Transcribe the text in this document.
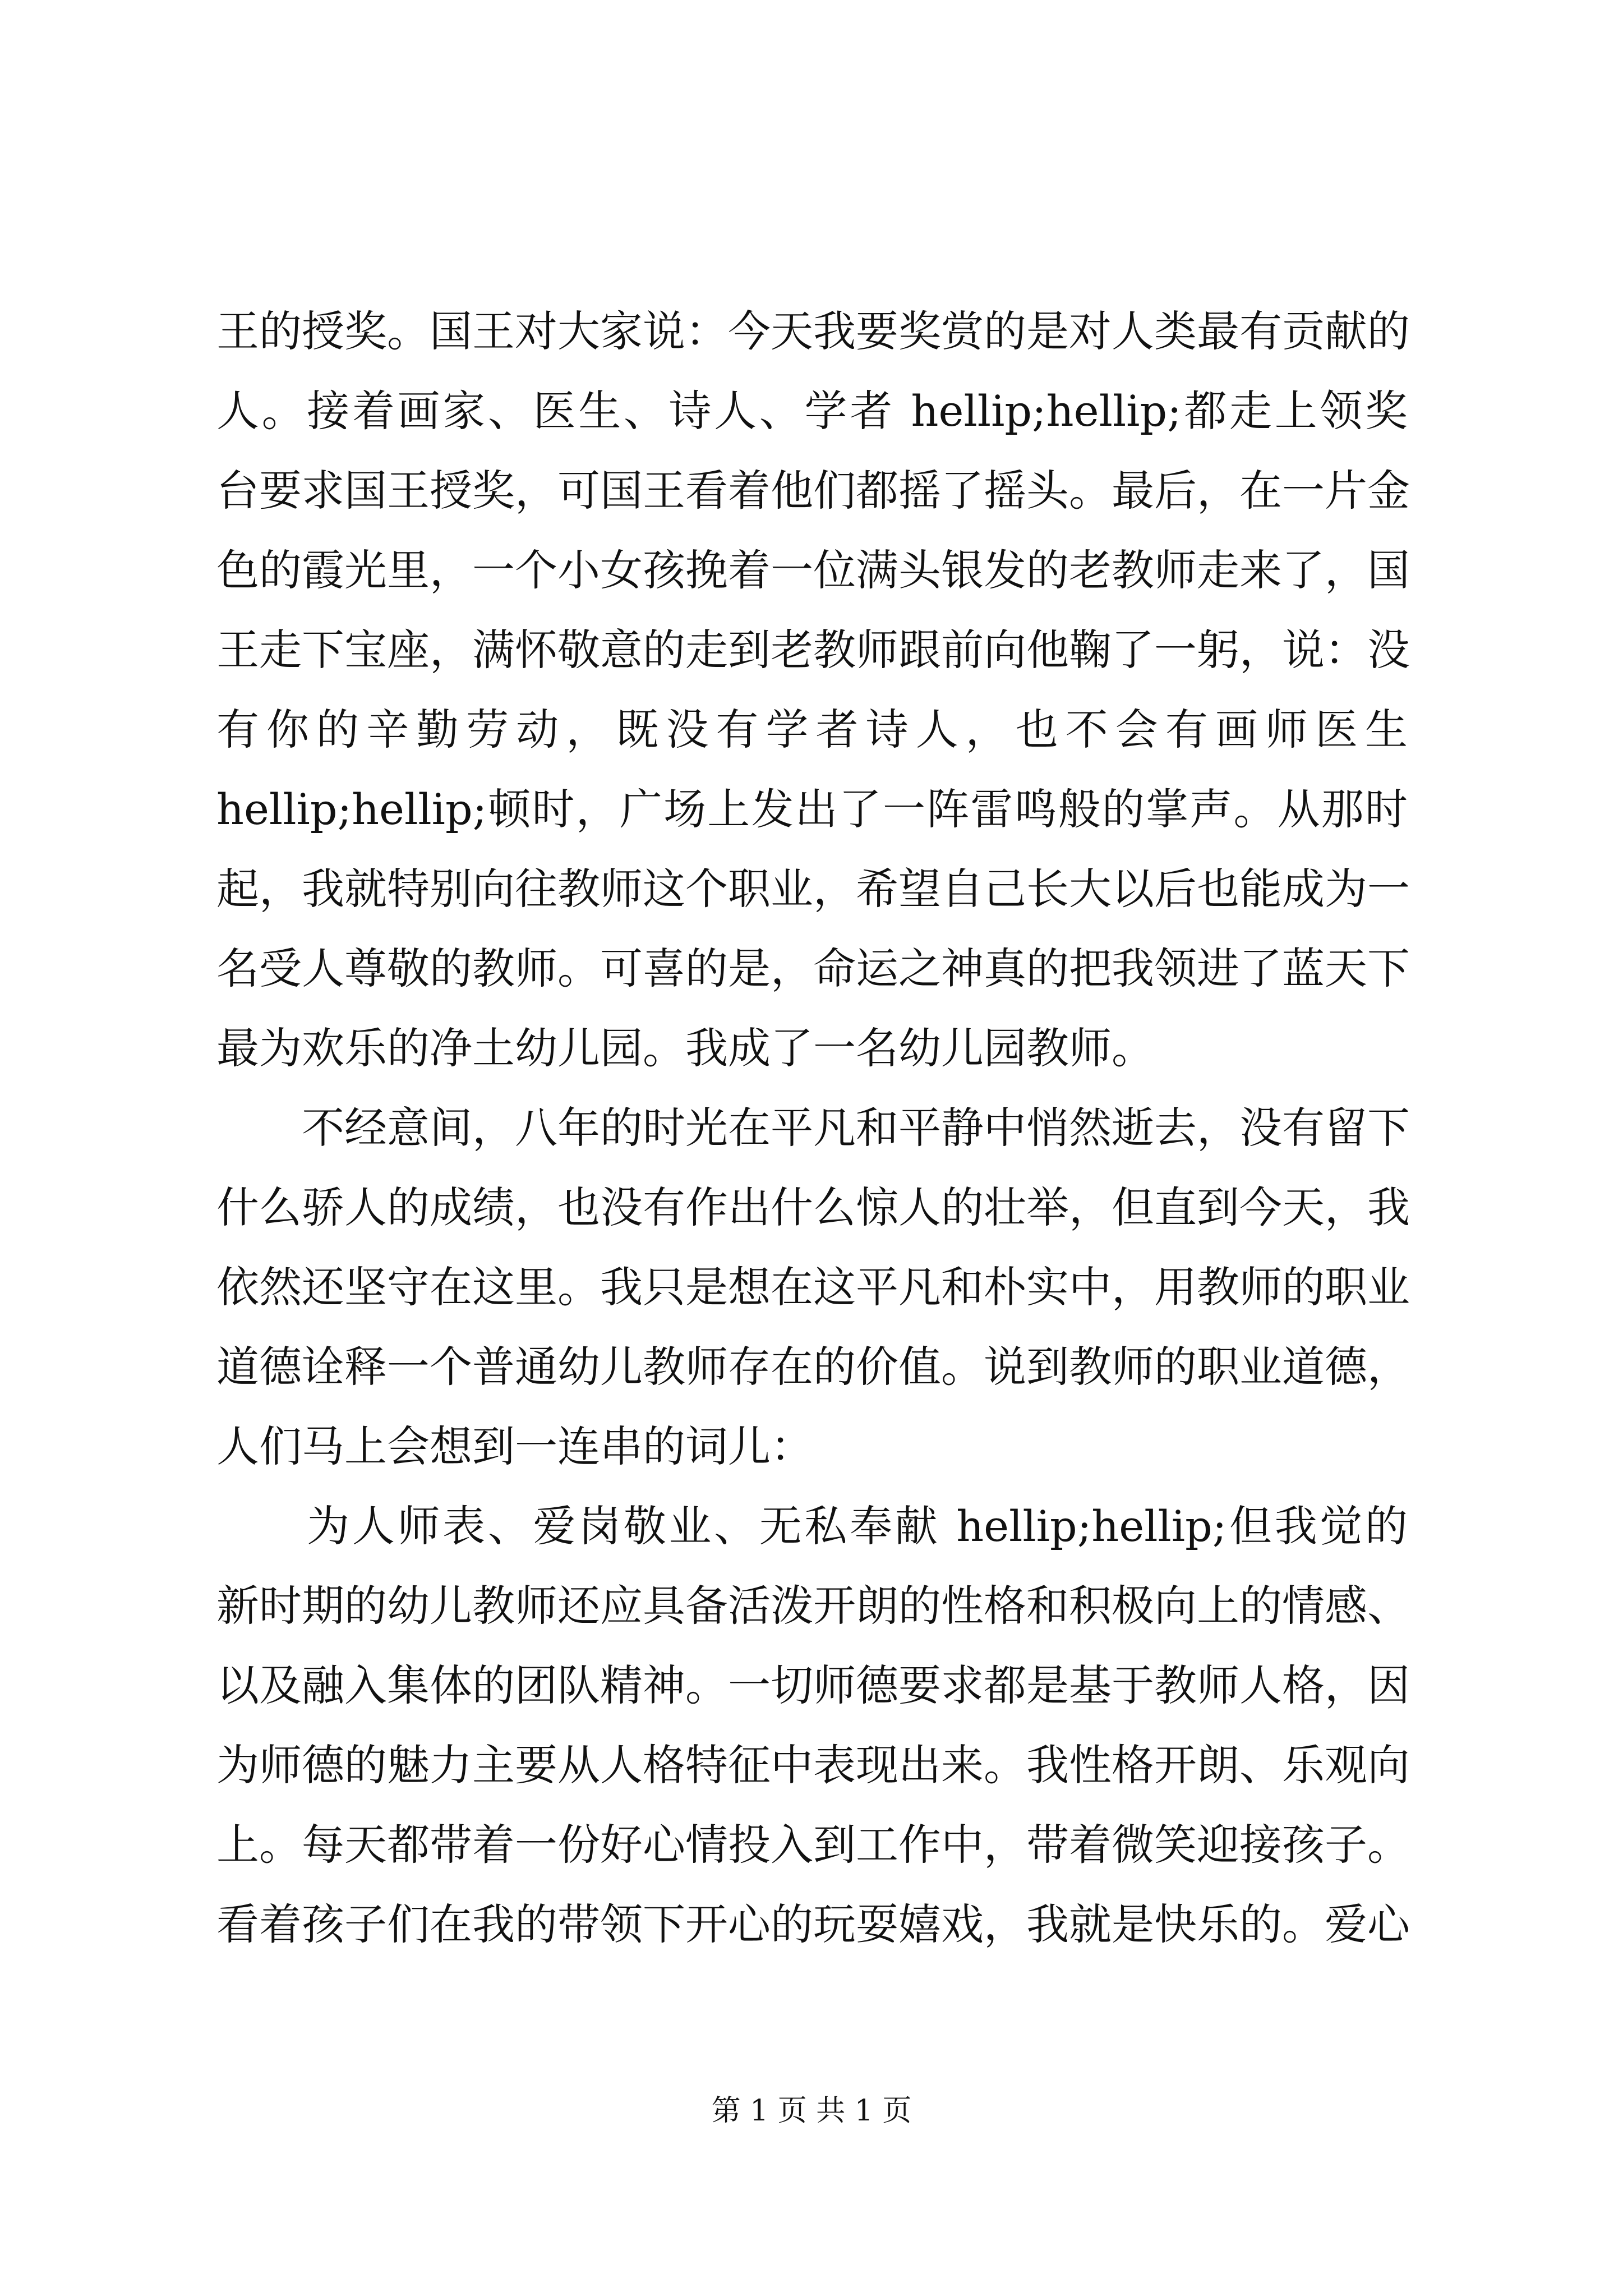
王的授奖。国王对大家说：今天我要奖赏的是对人类最有贡献的
人。接着画家、医生、诗人、学者 hellip;hellip;都走上领奖
台要求国王授奖，可国王看着他们都摇了摇头。最后，在一片金
色的霞光里，一个小女孩挽着一位满头银发的老教师走来了，国
王走下宝座，满怀敬意的走到老教师跟前向他鞠了一躬，说：没
有你的辛勤劳动，既没有学者诗人，也不会有画师医生
hellip;hellip;顿时，广场上发出了一阵雷鸣般的掌声。从那时
起，我就特别向往教师这个职业，希望自己长大以后也能成为一
名受人尊敬的教师。可喜的是，命运之神真的把我领进了蓝天下
最为欢乐的净土幼儿园。我成了一名幼儿园教师。
　　不经意间，八年的时光在平凡和平静中悄然逝去，没有留下
什么骄人的成绩，也没有作出什么惊人的壮举，但直到今天，我
依然还坚守在这里。我只是想在这平凡和朴实中，用教师的职业
道德诠释一个普通幼儿教师存在的价值。说到教师的职业道德，
人们马上会想到一连串的词儿：
　　为人师表、爱岗敬业、无私奉献 hellip;hellip;但我觉的
新时期的幼儿教师还应具备活泼开朗的性格和积极向上的情感、
以及融入集体的团队精神。一切师德要求都是基于教师人格，因
为师德的魅力主要从人格特征中表现出来。我性格开朗、乐观向
上。每天都带着一份好心情投入到工作中，带着微笑迎接孩子。
看着孩子们在我的带领下开心的玩耍嬉戏，我就是快乐的。爱心
第 1 页 共 1 页
